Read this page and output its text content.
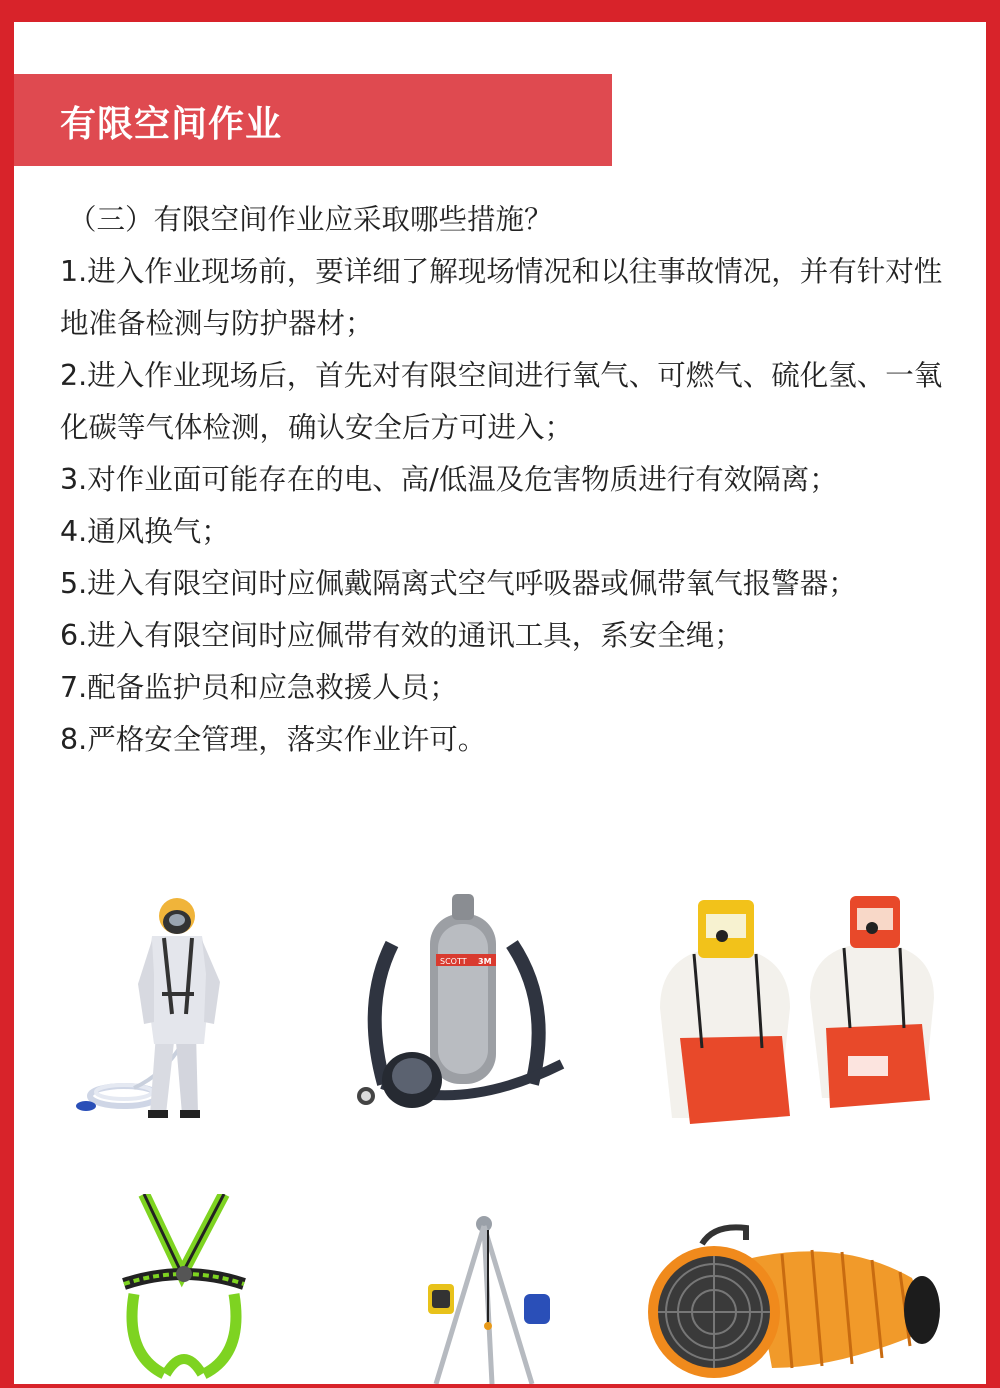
有限空间作业

（三）有限空间作业应采取哪些措施？

1.进入作业现场前，要详细了解现场情况和以往事故情况，并有针对性地准备检测与防护器材；

2.进入作业现场后，首先对有限空间进行氧气、可燃气、硫化氢、一氧化碳等气体检测，确认安全后方可进入；

3.对作业面可能存在的电、高/低温及危害物质进行有效隔离；

4.通风换气；

5.进入有限空间时应佩戴隔离式空气呼吸器或佩带氧气报警器；

6.进入有限空间时应佩带有效的通讯工具，系安全绳；

7.配备监护员和应急救援人员；

8.严格安全管理，落实作业许可。

SCOTT 3M
